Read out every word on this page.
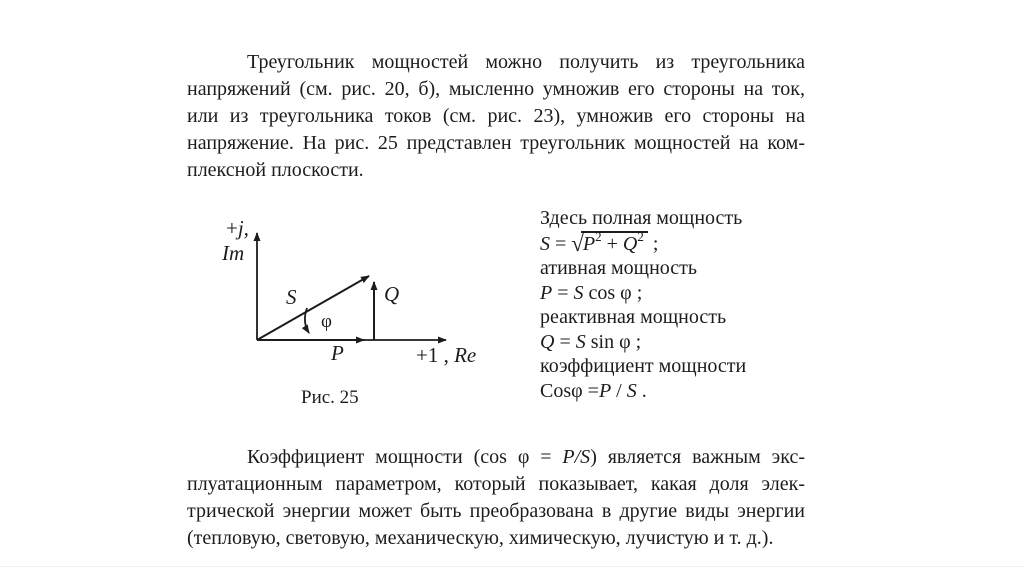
Треугольник мощностей можно получить из треугольника
напряжений (см. рис. 20, б), мысленно умножив его стороны на ток,
или из треугольника токов (см. рис. 23), умножив его стороны на
напряжение. На рис. 25 представлен треугольник мощностей на ком-
плексной плоскости.
+j,
Im
S	Q
φ
P	+1 , Re
Рис. 25
Здесь полная мощность
$S = √P^2 + Q^2$ ;
ативная мощность
P = S cos φ ;
реактивная мощность
Q = S sin φ ;
коэффициент мощности
Cosφ =P / S .
Коэффициент мощности (cos φ = P/S) является важным экс-
плуатационным параметром, который показывает, какая доля элек-
трической энергии может быть преобразована в другие виды энергии
(тепловую, световую, механическую, химическую, лучистую и т. д.).
